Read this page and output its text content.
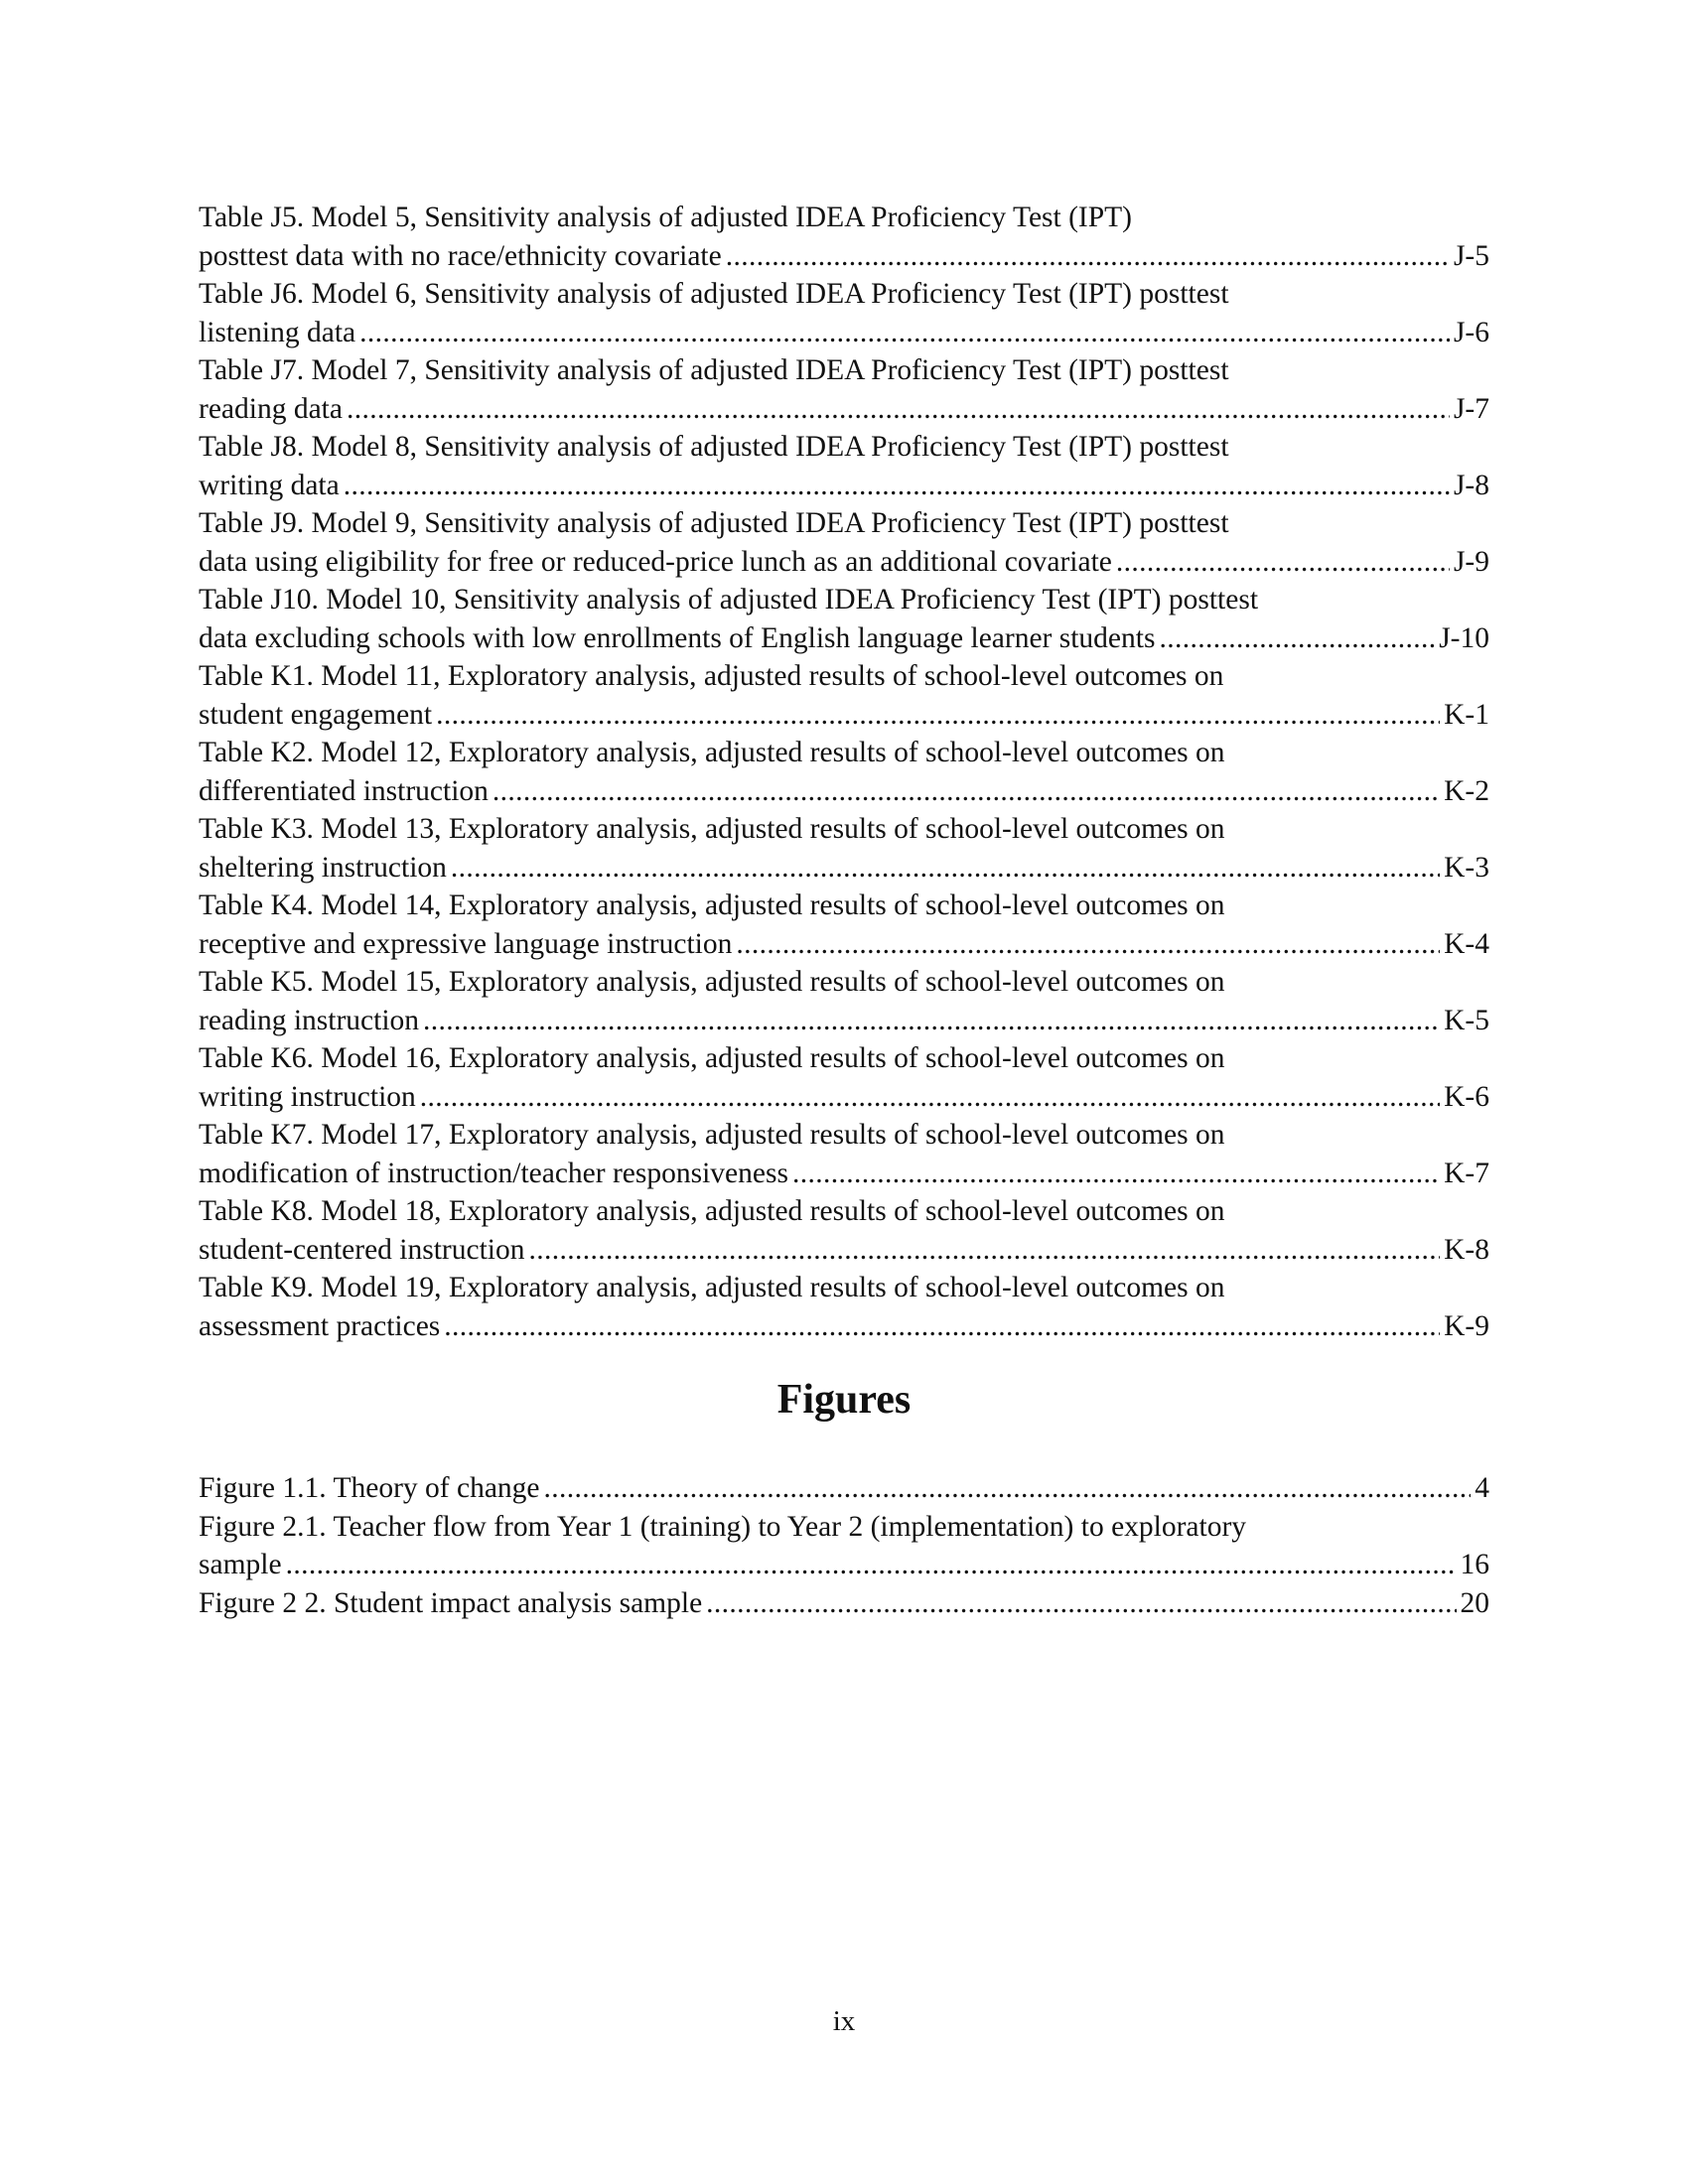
Table J5. Model 5, Sensitivity analysis of adjusted IDEA Proficiency Test (IPT)
posttest data with no race/ethnicity covariate . . .	J-5
Table J6. Model 6, Sensitivity analysis of adjusted IDEA Proficiency Test (IPT) posttest
listening data . . .	J-6
Table J7. Model 7, Sensitivity analysis of adjusted IDEA Proficiency Test (IPT) posttest
reading data . . .	J-7
Table J8. Model 8, Sensitivity analysis of adjusted IDEA Proficiency Test (IPT) posttest
writing data . . .	J-8
Table J9. Model 9, Sensitivity analysis of adjusted IDEA Proficiency Test (IPT) posttest
data using eligibility for free or reduced-price lunch as an additional covariate . . .	J-9
Table J10. Model 10, Sensitivity analysis of adjusted IDEA Proficiency Test (IPT) posttest
data excluding schools with low enrollments of English language learner students . . .	J-10
Table K1. Model 11, Exploratory analysis, adjusted results of school-level outcomes on
student engagement . . .	K-1
Table K2. Model 12, Exploratory analysis, adjusted results of school-level outcomes on
differentiated instruction . . .	K-2
Table K3. Model 13, Exploratory analysis, adjusted results of school-level outcomes on
sheltering instruction . . .	K-3
Table K4. Model 14, Exploratory analysis, adjusted results of school-level outcomes on
receptive and expressive language instruction . . .	K-4
Table K5. Model 15, Exploratory analysis, adjusted results of school-level outcomes on
reading instruction . . .	K-5
Table K6. Model 16, Exploratory analysis, adjusted results of school-level outcomes on
writing instruction . . .	K-6
Table K7. Model 17, Exploratory analysis, adjusted results of school-level outcomes on
modification of instruction/teacher responsiveness . . .	K-7
Table K8. Model 18, Exploratory analysis, adjusted results of school-level outcomes on
student-centered instruction . . .	K-8
Table K9. Model 19, Exploratory analysis, adjusted results of school-level outcomes on
assessment practices . . .	K-9
Figures
Figure 1.1. Theory of change . . .	4
Figure 2.1. Teacher flow from Year 1 (training) to Year 2 (implementation) to exploratory
sample . . .	16
Figure 2 2. Student impact analysis sample . . .	20
ix
